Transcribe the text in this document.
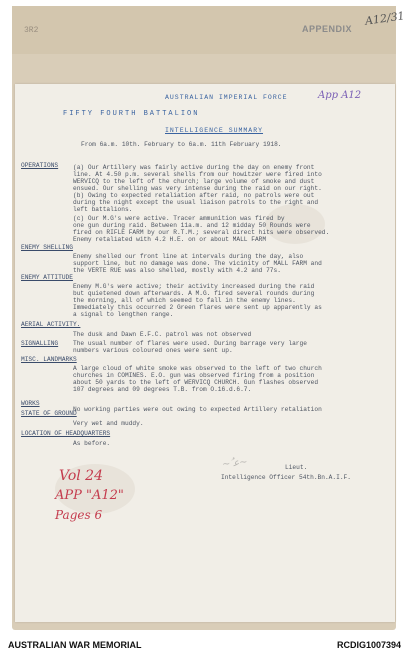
3R2	APPENDIX
A12/31
AUSTRALIAN IMPERIAL FORCE	App A12
FIFTY FOURTH BATTALION
INTELLIGENCE SUMMARY
From 6a.m. 10th. February to 6a.m. 11th February 1918.
OPERATIONS (a) Our Artillery was fairly active during the day on enemy front
line. At 4.50 p.m. several shells from our howitzer were fired into
WERVICQ to the left of the church; large volume of smoke and dust
ensued. Our shelling was very intense during the raid on our right.
(b) Owing to expected retaliation after raid, no patrols were out
during the night except the usual liaison patrols to the right and
left battalions.
(c) Our M.G's were active. Tracer ammunition was fired by
one gun during raid. Between 11a.m. and 12 midday 50 Rounds were
fired on RIFLE FARM by our R.T.M.; several direct hits were observed.
Enemy retaliated with 4.2 H.E. on or about MALL FARM
ENEMY SHELLING
Enemy shelled our front line at intervals during the day, also
support line, but no damage was done. The vicinity of MALL FARM and
the VERTE RUE was also shelled, mostly with 4.2 and 77s.
ENEMY ATTITUDE
Enemy M.G's were active; their activity increased during the raid
but quietened down afterwards. A M.G. fired several rounds during
the morning, all of which seemed to fall in the enemy lines.
Immediately this occurred 2 Green flares were sent up apparently as
a signal to lengthen range.
AERIAL ACTIVITY.
The dusk and Dawn E.F.C. patrol was not observed
SIGNALLING The usual number of flares were used. During barrage very large
numbers various coloured ones were sent up.
MISC. LANDMARKS
A large cloud of white smoke was observed to the left of two church
churches in COMINES. E.O. gun was observed firing from a position
about 50 yards to the left of WERVICQ CHURCH. Gun flashes observed
107 degrees and 09 degrees T.B. from O.16.d.6.7.
WORKS
No working parties were out owing to expected Artillery retaliation
STATE OF GROUND
Very wet and muddy.
LOCATION OF HEADQUARTERS
As before.
Lieut.
Intelligence Officer 54th.Bn.A.I.F.
Vol 24
APP "A12"
Pages 6
~ﻋﹸ~
AUSTRALIAN WAR MEMORIAL	RCDIG1007394
